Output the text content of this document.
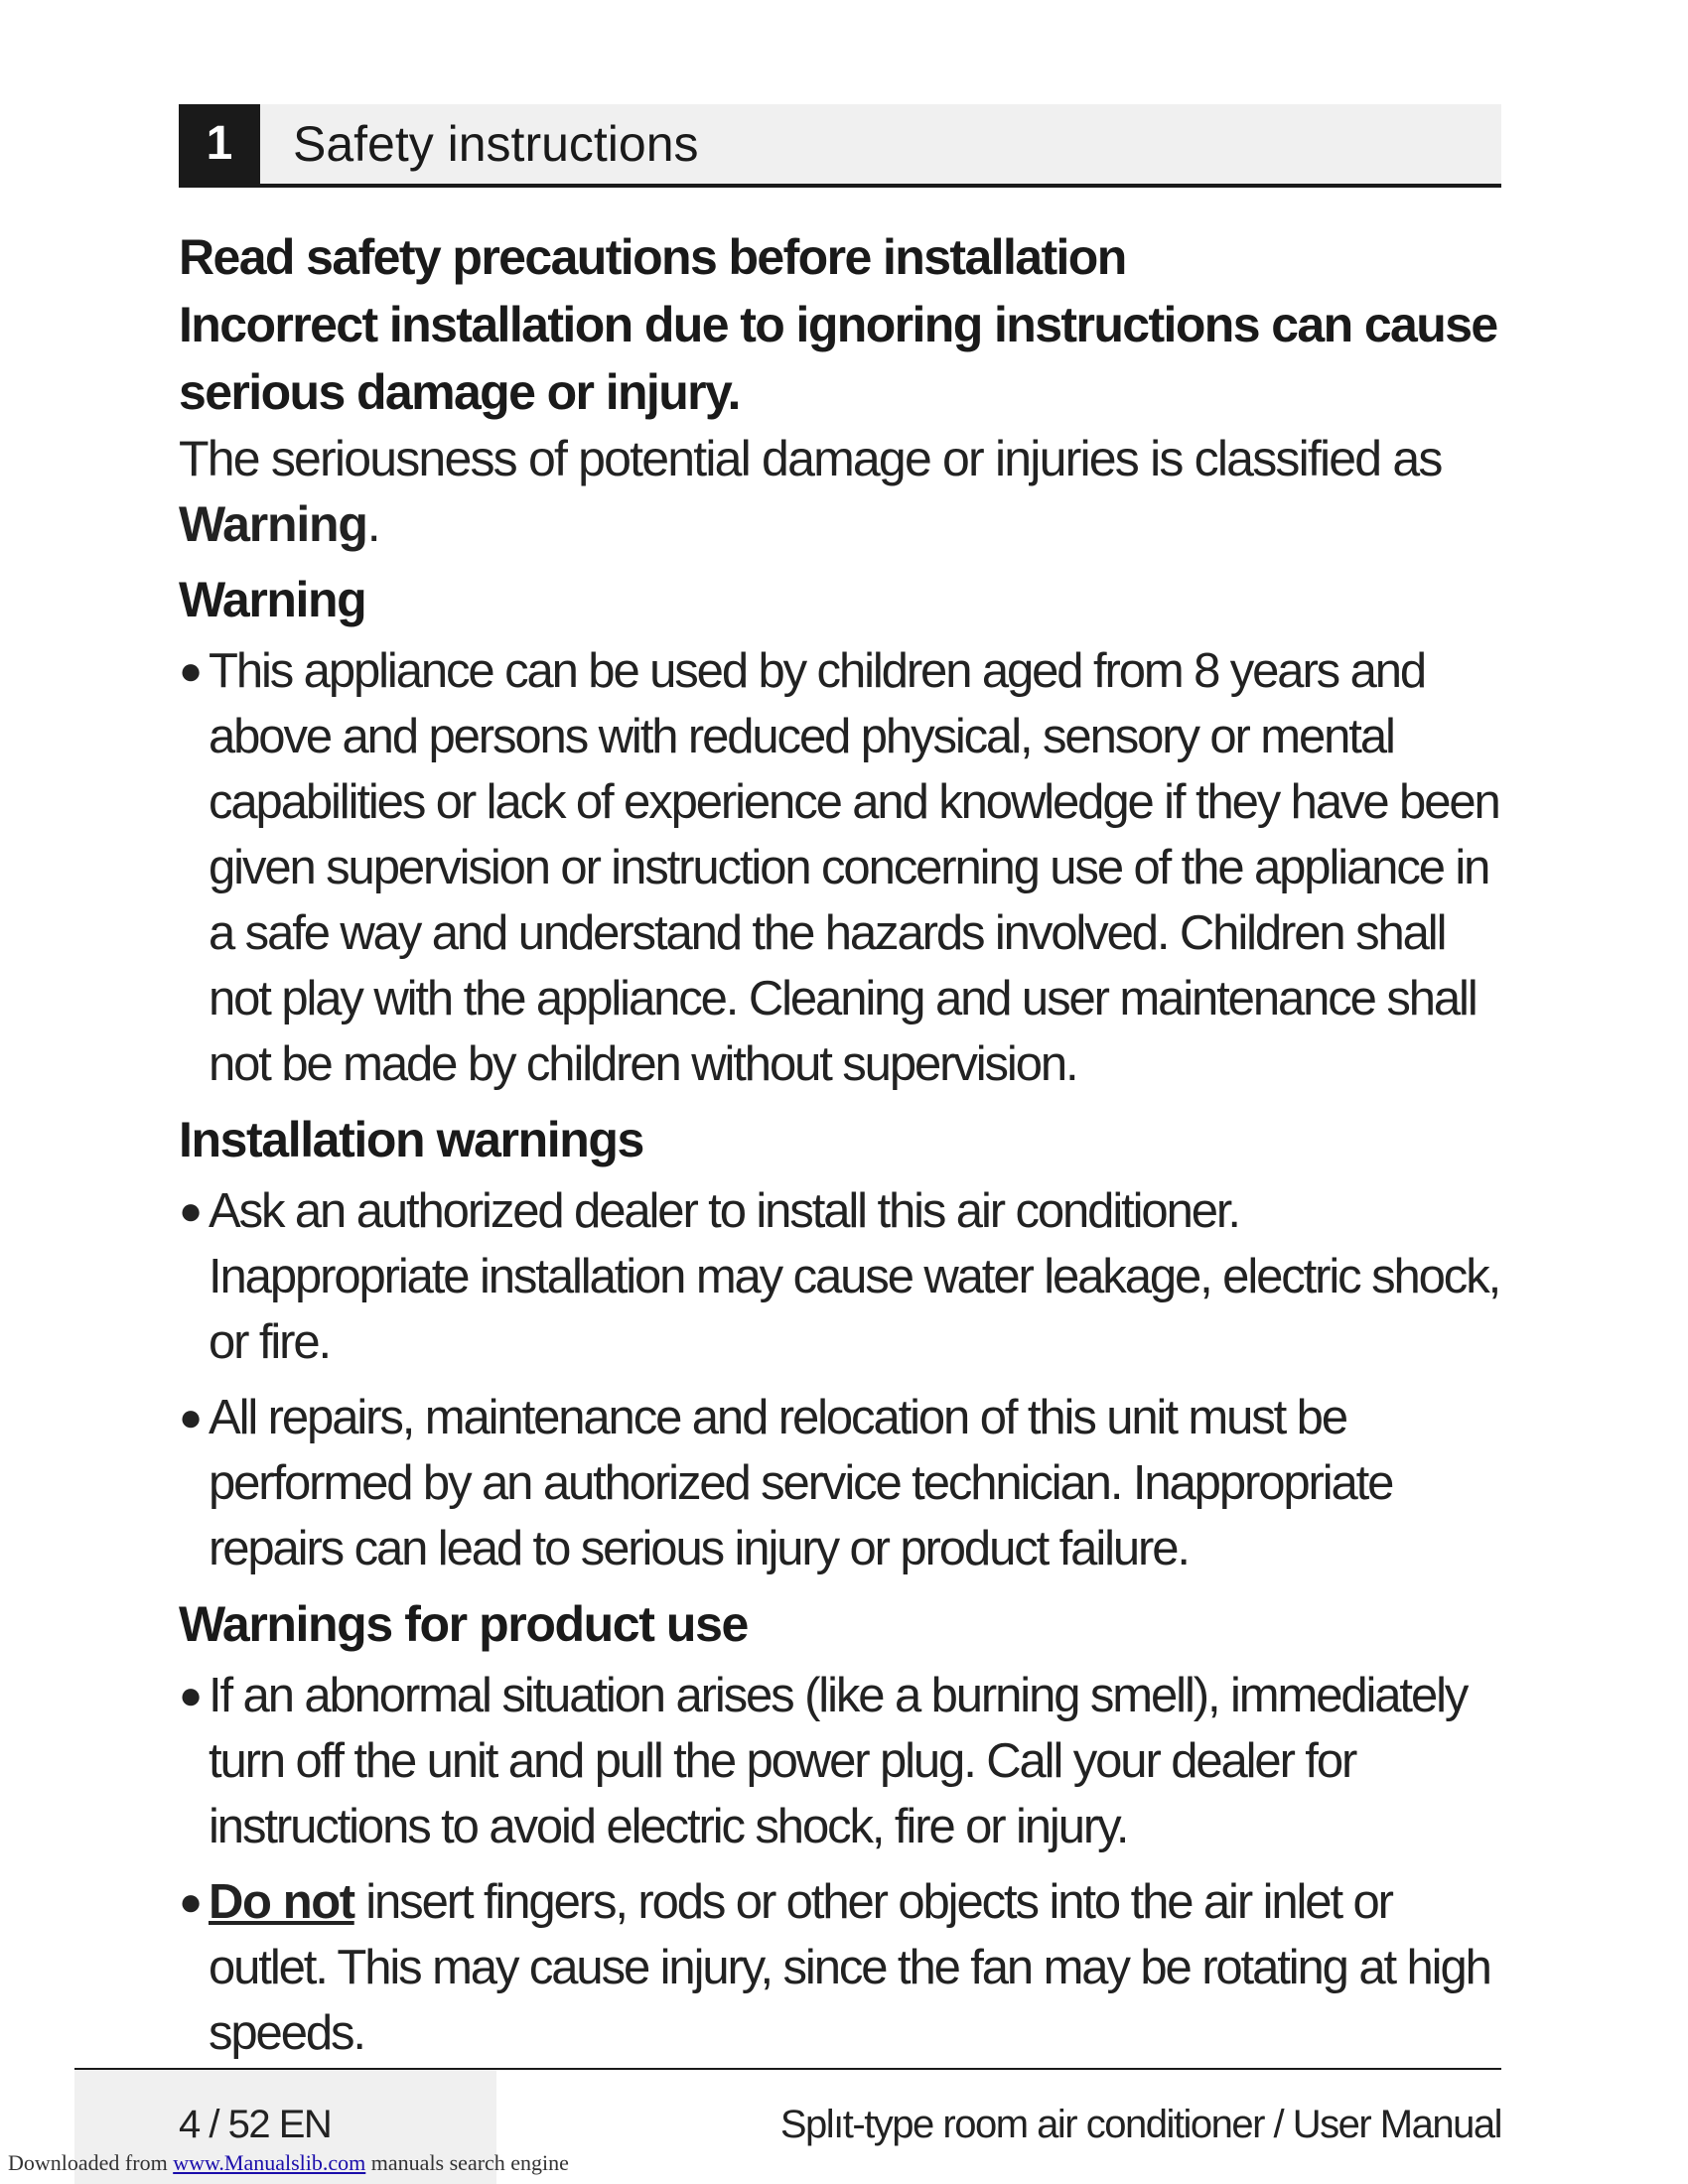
1	Safety instructions

Read safety precautions before installation

Incorrect installation due to ignoring instructions can cause serious damage or injury.

The seriousness of potential damage or injuries is classified as
Warning.

Warning
● This appliance can be used by children aged from 8 years and above and persons with reduced physical, sensory or mental capabilities or lack of experience and knowledge if they have been given supervision or instruction concerning use of the appliance in a safe way and understand the hazards involved. Children shall not play with the appliance. Cleaning and user maintenance shall not be made by children without supervision.
Installation warnings
● Ask an authorized dealer to install this air conditioner. Inappropriate installation may cause water leakage, electric shock, or fire.
● All repairs, maintenance and relocation of this unit must be performed by an authorized service technician. Inappropriate repairs can lead to serious injury or product failure.
Warnings for product use
● If an abnormal situation arises (like a burning smell), immediately turn off the unit and pull the power plug. Call your dealer for instructions to avoid electric shock, fire or injury.
● Do not insert fingers, rods or other objects into the air inlet or outlet. This may cause injury, since the fan may be rotating at high speeds.
4 / 52 EN	Splıt-type room air conditioner / User Manual
Downloaded from www.Manualslib.com manuals search engine
